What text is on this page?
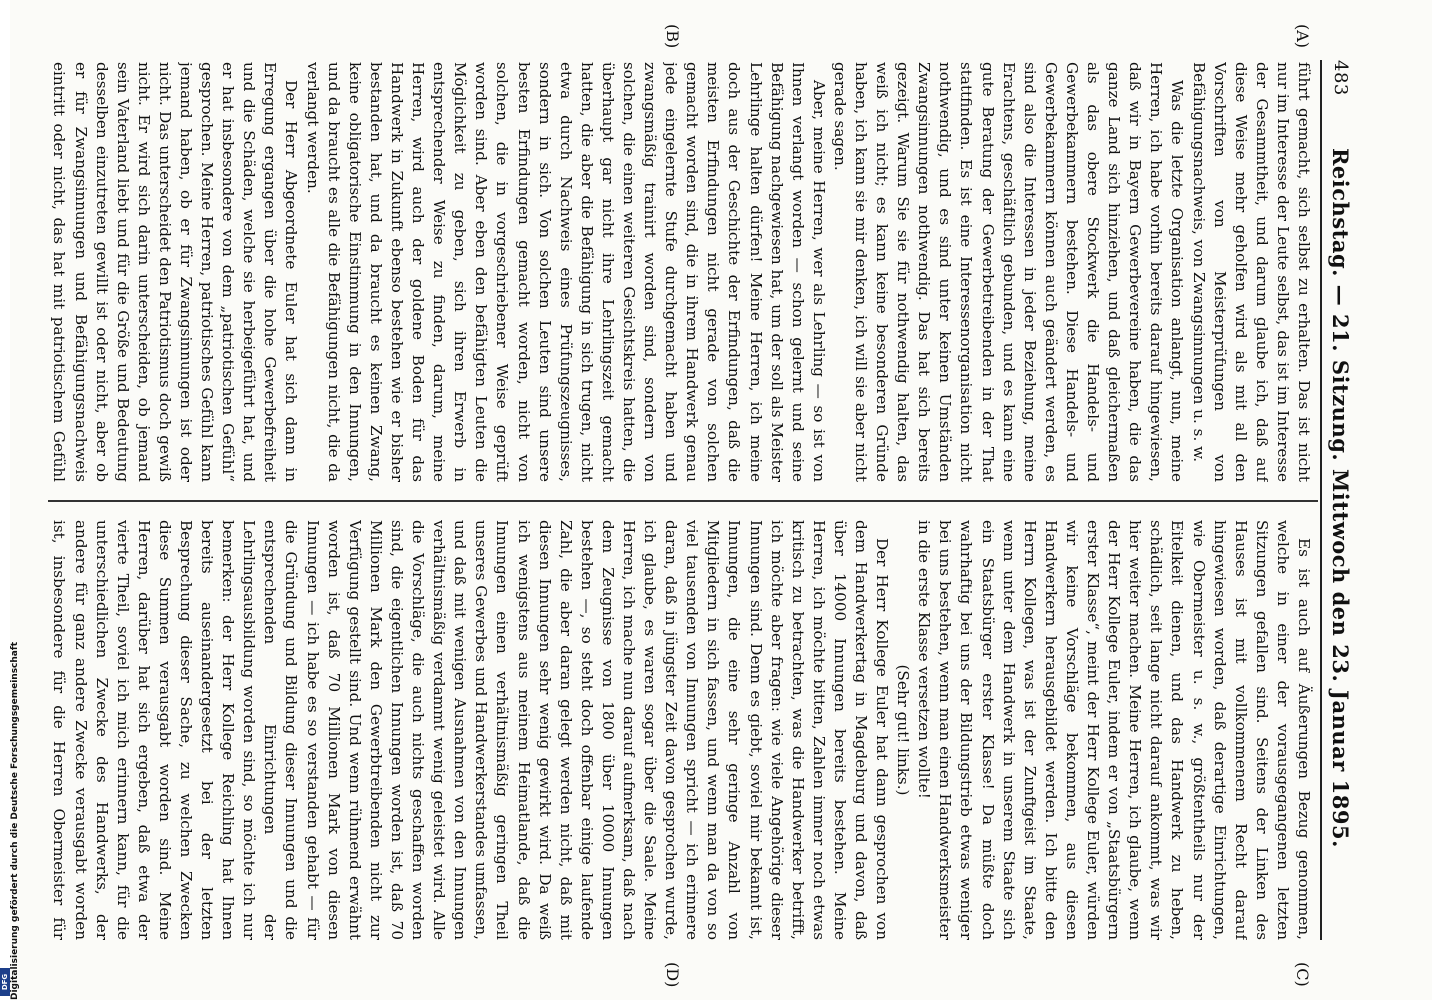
483
Reichstag. — 21. Sitzung. Mittwoch den 23. Januar 1895.
(A)
(B)
(C)
(D)

führt gemacht, sich selbst zu erhalten. Das ist nicht nur im Interesse der Leute selbst, das ist im Interesse der Gesammtheit, und darum glaube ich, daß auf diese Weise mehr geholfen wird als mit all den Vorschriften von Meisterprüfungen von Befähigungsnachweis, von Zwangsinnungen u. s. w.

Was die letzte Organisation anlangt, nun, meine Herren, ich habe vorhin bereits darauf hingewiesen, daß wir in Bayern Gewerbevereine haben, die das ganze Land sich hinziehen, und daß gleichermaßen als das obere Stockwerk die Handels- und Gewerbekammern bestehen. Diese Handels- und Gewerbekammern können auch geändert werden, es sind also die Interessen in jeder Beziehung, meine Erachtens, geschäftlich gebunden, und es kann eine gute Beratung der Gewerbetreibenden in der That stattfinden. Es ist eine Interessenorganisation nicht nothwendig, und es sind unter keinen Umständen Zwangsinnungen nothwendig. Das hat sich bereits gezeigt. Warum Sie sie für nothwendig halten, das weiß ich nicht; es kann keine besonderen Gründe haben, ich kann sie mir denken, ich will sie aber nicht gerade sagen.

Aber, meine Herren, wer als Lehrling — so ist von Ihnen verlangt worden — schon gelernt und seine Befähigung nachgewiesen hat, um der soll als Meister Lehrlinge halten dürfen! Meine Herren, ich meine doch aus der Geschichte der Erfindungen, daß die meisten Erfindungen nicht gerade von solchen gemacht worden sind, die in ihrem Handwerk genau jede eingelernte Stufe durchgemacht haben und zwangsmäßig trainirt worden sind, sondern von solchen, die einen weiteren Gesichtskreis hatten, die überhaupt gar nicht ihre Lehrlingszeit gemacht hatten, die aber die Befähigung in sich trugen, nicht etwa durch Nachweis eines Prüfungszeugnisses, sondern in sich. Von solchen Leuten sind unsere besten Erfindungen gemacht worden, nicht von solchen, die in vorgeschriebener Weise geprüft worden sind. Aber eben den befähigten Leuten die Möglichkeit zu geben, sich ihren Erwerb in entsprechender Weise zu finden, darum, meine Herren, wird auch der goldene Boden für das Handwerk in Zukunft ebenso bestehen wie er bisher bestanden hat, und da braucht es keinen Zwang, keine obligatorische Einstimmung in den Innungen, und da braucht es alle die Befähigungen nicht, die da verlangt werden.

Der Herr Abgeordnete Euler hat sich dann in Erregung ergangen über die hohe Gewerbefreiheit und die Schäden, welche sie herbeigeführt hat, und er hat insbesondere von dem „patriotischen Gefühl“ gesprochen. Meine Herren, patriotisches Gefühl kann jemand haben, ob er für Zwangsinnungen ist oder nicht. Das unterscheidet den Patriotismus doch gewiß nicht. Er wird sich darin unterscheiden, ob jemand sein Vaterland liebt und für die Größe und Bedeutung desselben einzutreten gewillt ist oder nicht, aber ob er für Zwangsinnungen und Befähigungsnachweis eintritt oder nicht, das hat mit patriotischem Gefühl

Es ist auch auf Äußerungen Bezug genommen, welche in einer der vorausgegangenen letzten Sitzungen gefallen sind. Seitens der Linken des Hauses ist mit vollkommenem Recht darauf hingewiesen worden, daß derartige Einrichtungen, wie Obermeister u. s. w., größtentheils nur der Eitelkeit dienen, und das Handwerk zu heben, schädlich, seit lange nicht darauf ankommt, was wir hier weiter machen. Meine Herren, ich glaube, wenn der Herr Kollege Euler, indem er von „Staatsbürgern erster Klasse“, meint der Herr Kollege Euler, würden wir keine Vorschläge bekommen, aus diesen Handwerkern herausgebildet werden. Ich bitte den Herrn Kollegen, was ist der Zunftgeist im Staate, wenn unter dem Handwerk in unserem Staate sich ein Staatsbürger erster Klasse! Da müßte doch wahrhaftig bei uns der Bildungstrieb etwas weniger bei uns bestehen, wenn man einen Handwerksmeister in die erste Klasse versetzen wollte!

(Sehr gut! links.)

Der Herr Kollege Euler hat dann gesprochen von dem Handwerkertag in Magdeburg und davon, daß über 14000 Innungen bereits bestehen. Meine Herren, ich möchte bitten, Zahlen immer noch etwas kritisch zu betrachten, was die Handwerker betrifft, ich möchte aber fragen: wie viele Angehörige dieser Innungen sind. Denn es giebt, soviel mir bekannt ist, Innungen, die eine sehr geringe Anzahl von Mitgliedern in sich fassen, und wenn man da von so viel tausenden von Innungen spricht — ich erinnere daran, daß in jüngster Zeit davon gesprochen wurde, ich glaube, es waren sogar über die Saale. Meine Herren, ich mache nun darauf aufmerksam, daß nach dem Zeugnisse von 1800 über 10000 Innungen bestehen —, so steht doch offenbar einige laufende Zahl, die aber daran gelegt werden nicht, daß mit diesen Innungen sehr wenig gewirkt wird. Da weiß ich wenigstens aus meinem Heimatlande, daß die Innungen einen verhältnismäßig geringen Theil unseres Gewerbes und Handwerkerstandes umfassen, und daß mit wenigen Ausnahmen von den Innungen verhältnismäßig verdammt wenig geleistet wird. Alle die Vorschläge, die auch nichts geschaffen worden sind, die eigentlichen Innungen worden ist, daß 70 Millionen Mark den Gewerbtreibenden nicht zur Verfügung gestellt sind. Und wenn rühmend erwähnt worden ist, daß 70 Millionen Mark von diesen Innungen — ich habe es so verstanden gehabt — für die Gründung und Bildung dieser Innungen und die entsprechenden Einrichtungen der Lehrlingsausbildung worden sind, so möchte ich nur bemerken: der Herr Kollege Reichling hat Ihnen bereits auseinandergesetzt bei der letzten Besprechung dieser Sache, zu welchen Zwecken diese Summen verausgabt worden sind. Meine Herren, darüber hat sich ergeben, daß etwa der vierte Theil, soviel ich mich erinnern kann, für die unterschiedlichen Zwecke des Handwerks, der andere für ganz andere Zwecke verausgabt worden ist, insbesondere für die Herren Obermeister für

Digitalisierung gefördert durch die Deutsche Forschungsgemeinschaft
DFG
